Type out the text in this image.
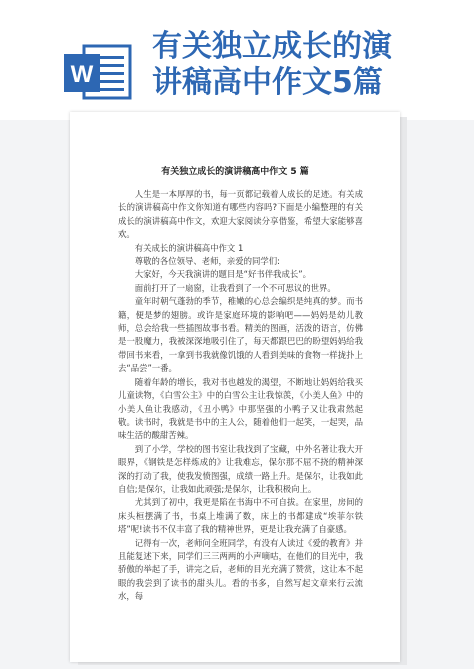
W
有关独立成长的演
讲稿高中作文5篇
有关独立成长的演讲稿高中作文 5 篇

人生是一本厚厚的书，每一页都记载着人成长的足迹。有关成长的演讲稿高中作文你知道有哪些内容吗?下面是小编整理的有关成长的演讲稿高中作文，欢迎大家阅读分享借鉴，希望大家能够喜欢。

有关成长的演讲稿高中作文 1

尊敬的各位领导、老师，亲爱的同学们:

大家好，今天我演讲的题目是“好书伴我成长”。

面前打开了一扇窗，让我看到了一个不可思议的世界。

童年时朝气蓬勃的季节，稚嫩的心总会编织是纯真的梦。而书籍，便是梦的翅膀。或许是家庭环境的影响吧——妈妈是幼儿教师，总会给我一些插图故事书看。精美的图画，活泼的语言，仿佛是一股魔力，我被深深地吸引住了，每天都跟巴巴的盼望妈妈给我带回书来看，一拿到书我就像饥饿的人看到美味的食物一样拢扑上去“品尝”一番。

随着年龄的增长，我对书也越发的渴望，不断地让妈妈给我买儿童读物，《白雪公主》中的白雪公主让我惊羡，《小美人鱼》中的小美人鱼让我感动，《丑小鸭》中那坚强的小鸭子又让我肃然起敬。读书时，我就是书中的主人公，随着他们一起笑，一起哭，品味生活的酸甜苦辣。

到了小学，学校的图书室让我找到了宝藏，中外名著让我大开眼界，《钢铁是怎样炼成的》让我难忘，保尔那不屈不挠的精神深深的打动了我，使我发愤图强，成绩一路上升。是保尔，让我如此自信;是保尔，让我如此顽强;是保尔，让我积极向上。

尤其到了初中，我更是陷在书海中不可自拔。在家里，房间的床头桓摆满了书，书桌上堆满了数，床上的书都建成“埃菲尔铁塔”呢!读书不仅丰富了我的精神世界，更是让我充满了自豪感。

记得有一次，老师问全班同学，有没有人读过《爱的教育》并且能复述下来，同学们三三两两的小声嘀咕，在他们的目光中，我骄傲的举起了手，讲完之后，老师的目光充满了赞赏，这让本不起眼的我尝到了读书的甜头儿。看的书多，自然写起文章来行云流水，每
